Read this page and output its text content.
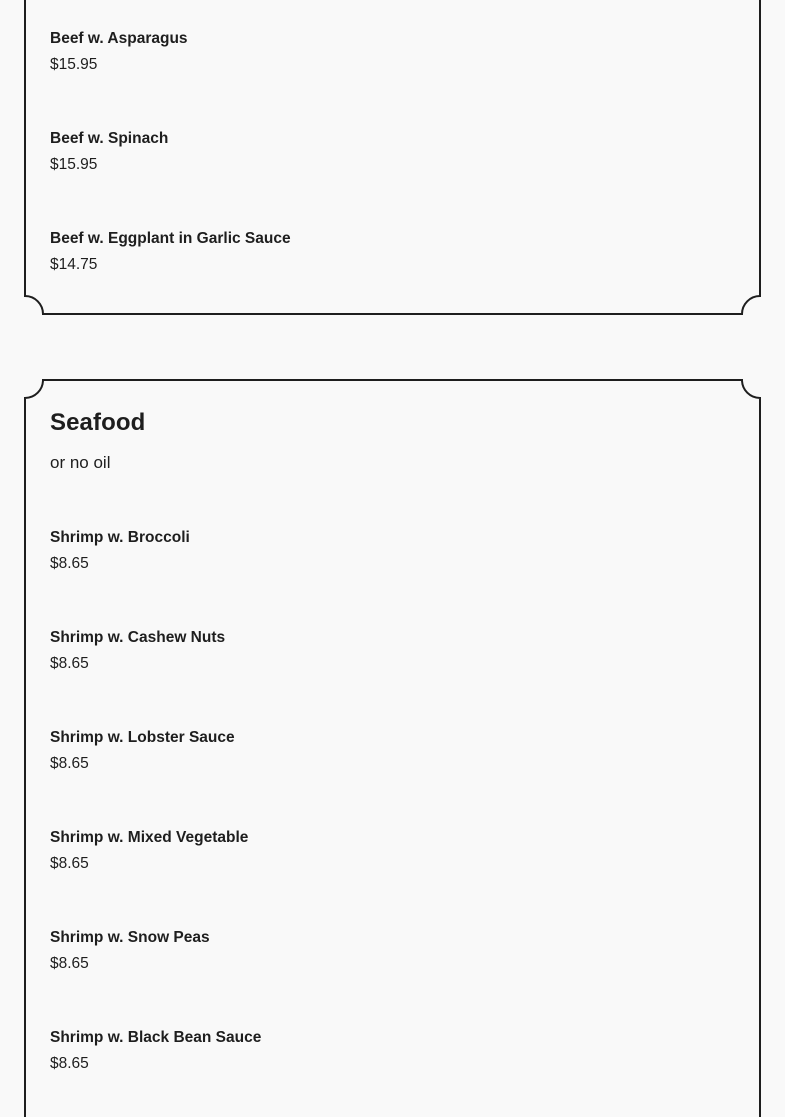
Beef w. Asparagus
$15.95
Beef w. Spinach
$15.95
Beef w. Eggplant in Garlic Sauce
$14.75
Seafood

or no oil

Shrimp w. Broccoli
$8.65
Shrimp w. Cashew Nuts
$8.65
Shrimp w. Lobster Sauce
$8.65
Shrimp w. Mixed Vegetable
$8.65
Shrimp w. Snow Peas
$8.65
Shrimp w. Black Bean Sauce
$8.65
